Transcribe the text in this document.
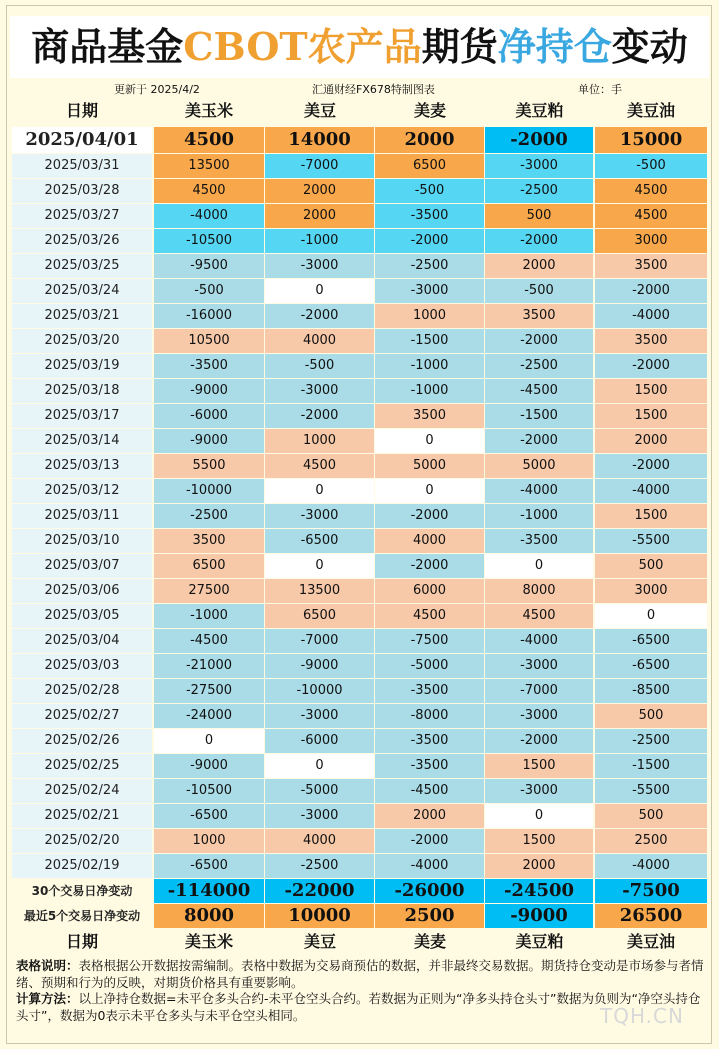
商品基金CBOT农产品期货净持仓变动
更新于 2025/4/2	汇通财经FX678特制图表	单位：手
日期	美玉米	美豆	美麦	美豆粕	美豆油
2025/04/01	4500	14000	2000	-2000	15000
2025/03/31	13500	-7000	6500	-3000	-500
2025/03/28	4500	2000	-500	-2500	4500
2025/03/27	-4000	2000	-3500	500	4500
2025/03/26	-10500	-1000	-2000	-2000	3000
2025/03/25	-9500	-3000	-2500	2000	3500
2025/03/24	-500	0	-3000	-500	-2000
2025/03/21	-16000	-2000	1000	3500	-4000
2025/03/20	10500	4000	-1500	-2000	3500
2025/03/19	-3500	-500	-1000	-2500	-2000
2025/03/18	-9000	-3000	-1000	-4500	1500
2025/03/17	-6000	-2000	3500	-1500	1500
2025/03/14	-9000	1000	0	-2000	2000
2025/03/13	5500	4500	5000	5000	-2000
2025/03/12	-10000	0	0	-4000	-4000
2025/03/11	-2500	-3000	-2000	-1000	1500
2025/03/10	3500	-6500	4000	-3500	-5500
2025/03/07	6500	0	-2000	0	500
2025/03/06	27500	13500	6000	8000	3000
2025/03/05	-1000	6500	4500	4500	0
2025/03/04	-4500	-7000	-7500	-4000	-6500
2025/03/03	-21000	-9000	-5000	-3000	-6500
2025/02/28	-27500	-10000	-3500	-7000	-8500
2025/02/27	-24000	-3000	-8000	-3000	500
2025/02/26	0	-6000	-3500	-2000	-2500
2025/02/25	-9000	0	-3500	1500	-1500
2025/02/24	-10500	-5000	-4500	-3000	-5500
2025/02/21	-6500	-3000	2000	0	500
2025/02/20	1000	4000	-2000	1500	2500
2025/02/19	-6500	-2500	-4000	2000	-4000
30个交易日净变动	-114000	-22000	-26000	-24500	-7500
最近5个交易日净变动	8000	10000	2500	-9000	26500
日期	美玉米	美豆	美麦	美豆粕	美豆油
表格说明：表格根据公开数据按需编制。表格中数据为交易商预估的数据，并非最终交易数据。期货持仓变动是市场参与者情绪、预期和行为的反映，对期货价格具有重要影响。
计算方法：以上净持仓数据=未平仓多头合约-未平仓空头合约。若数据为正则为“净多头持仓头寸”数据为负则为“净空头持仓头寸”，数据为0表示未平仓多头与未平仓空头相同。	TQH.CN
